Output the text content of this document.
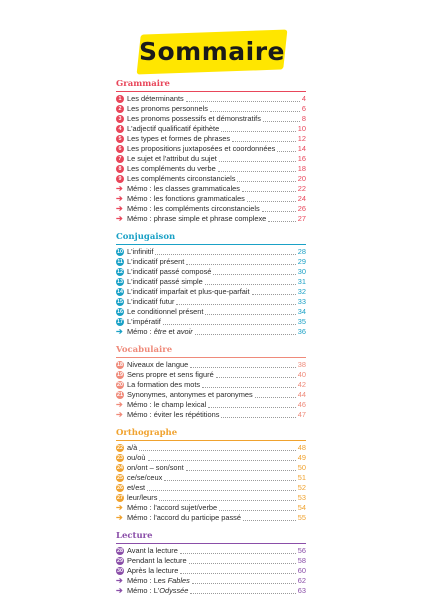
Sommaire
Grammaire
1 Les déterminants	4
2 Les pronoms personnels	6
3 Les pronoms possessifs et démonstratifs	8
4 L'adjectif qualificatif épithète	10
5 Les types et formes de phrases	12
6 Les propositions juxtaposées et coordonnées	14
7 Le sujet et l'attribut du sujet	16
8 Les compléments du verbe	18
9 Les compléments circonstanciels	20
➔ Mémo : les classes grammaticales	22
➔ Mémo : les fonctions grammaticales	24
➔ Mémo : les compléments circonstanciels	26
➔ Mémo : phrase simple et phrase complexe	27
Conjugaison
10 L'infinitif	28
11 L'indicatif présent	29
12 L'indicatif passé composé	30
13 L'indicatif passé simple	31
14 L'indicatif imparfait et plus-que-parfait	32
15 L'indicatif futur	33
16 Le conditionnel présent	34
17 L'impératif	35
➔ Mémo : être et avoir	36
Vocabulaire
18 Niveaux de langue	38
19 Sens propre et sens figuré	40
20 La formation des mots	42
21 Synonymes, antonymes et paronymes	44
➔ Mémo : le champ lexical	46
➔ Mémo : éviter les répétitions	47
Orthographe
22 a/à	48
23 ou/où	49
24 on/ont – son/sont	50
25 ce/se/ceux	51
26 et/est	52
27 leur/leurs	53
➔ Mémo : l'accord sujet/verbe	54
➔ Mémo : l'accord du participe passé	55
Lecture
28 Avant la lecture	56
29 Pendant la lecture	58
30 Après la lecture	60
➔ Mémo : Les Fables	62
➔ Mémo : L'Odyssée	63
